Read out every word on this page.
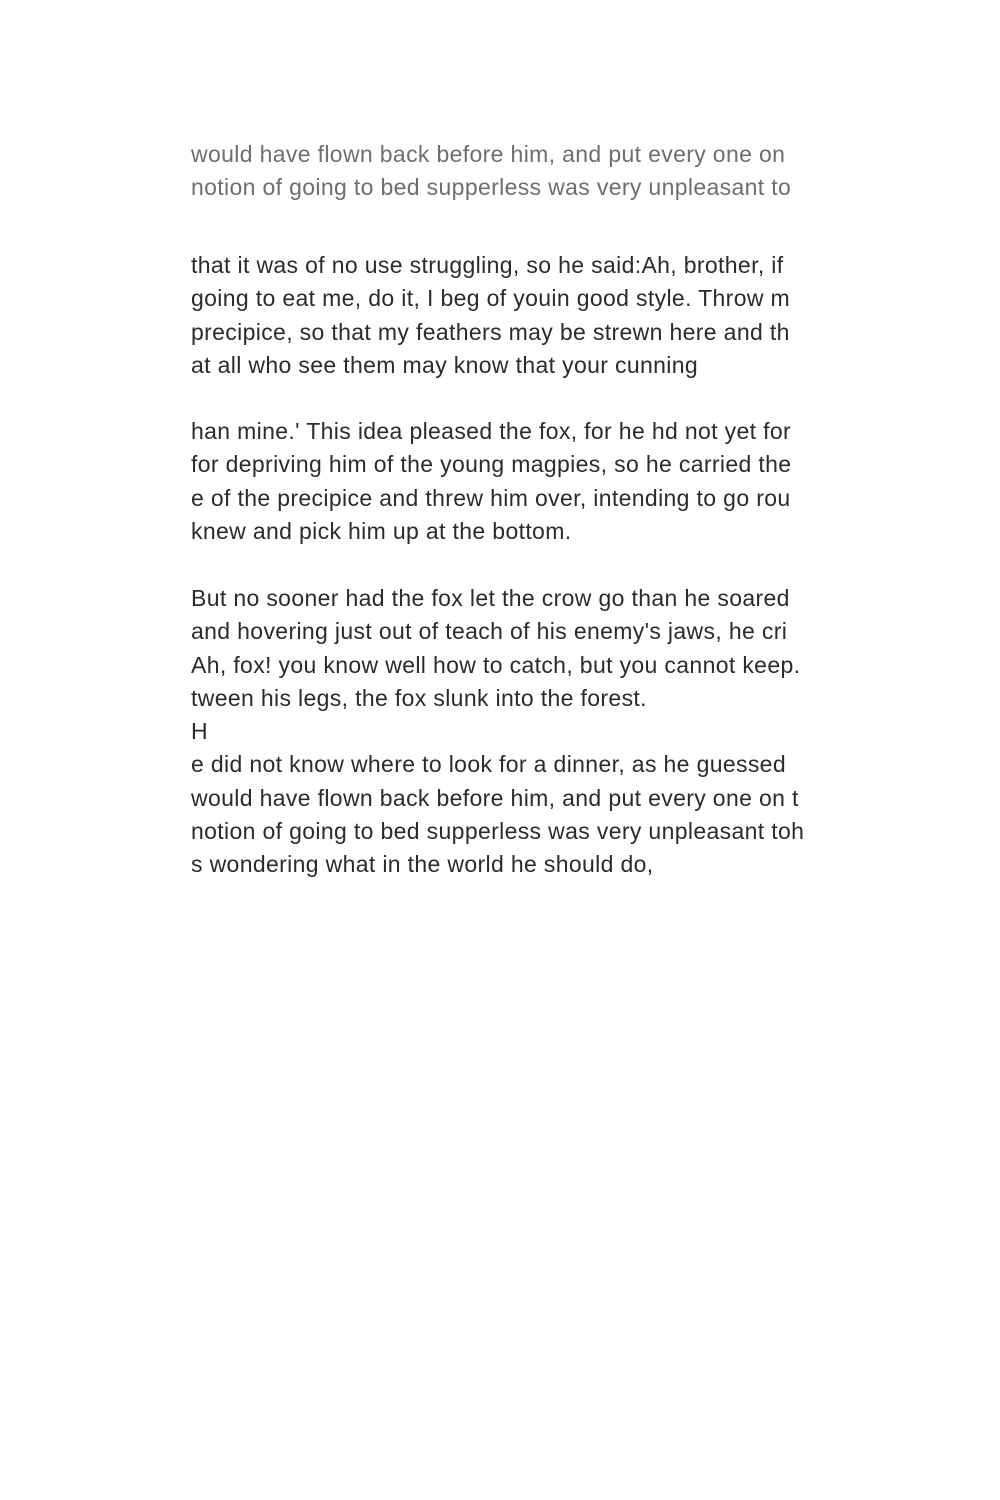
would have flown back before him, and put every one on
notion of going to bed supperless was very unpleasant to
that it was of no use struggling, so he said:Ah, brother, if
going to eat me, do it, I beg of youin good style. Throw m
precipice, so that my feathers may be strewn here and th
at all who see them may know that your cunning
han mine.' This idea pleased the fox, for he hd not yet for
for depriving him of the young magpies, so he carried the
e of the precipice and threw him over, intending to go rou
knew and pick him up at the bottom.
But no sooner had the fox let the crow go than he soared
and hovering just out of teach of his enemy's jaws, he cri
Ah, fox! you know well how to catch, but you cannot keep.
tween his legs, the fox slunk into the forest.
H
e did not know where to look for a dinner, as he guessed
would have flown back before him, and put every one on t
notion of going to bed supperless was very unpleasant toh
s wondering what in the world he should do,
